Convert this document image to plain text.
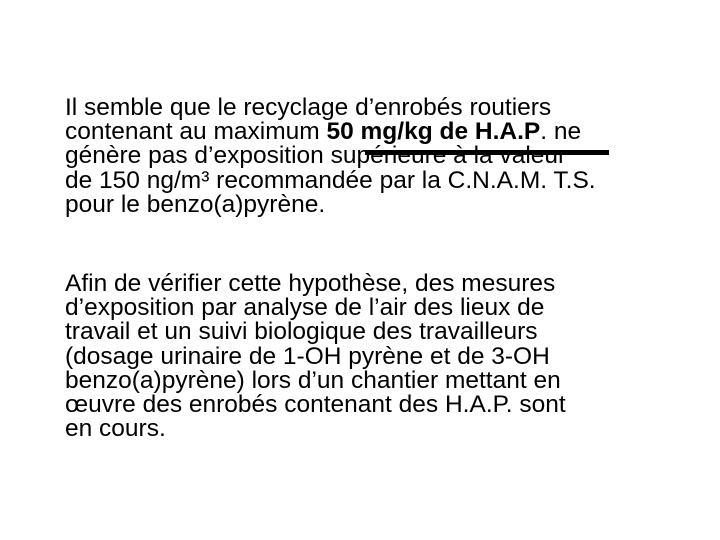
Il semble que le recyclage d’enrobés routiers
contenant au maximum 50 mg/kg de H.A.P. ne
génère pas d’exposition supérieure à la valeur
de 150 ng/m³ recommandée par la C.N.A.M. T.S.
pour le benzo(a)pyrène.

Afin de vérifier cette hypothèse, des mesures
d’exposition par analyse de l’air des lieux de
travail et un suivi biologique des travailleurs
(dosage urinaire de 1-OH pyrène et de 3-OH
benzo(a)pyrène) lors d’un chantier mettant en
œuvre des enrobés contenant des H.A.P. sont
en cours.
